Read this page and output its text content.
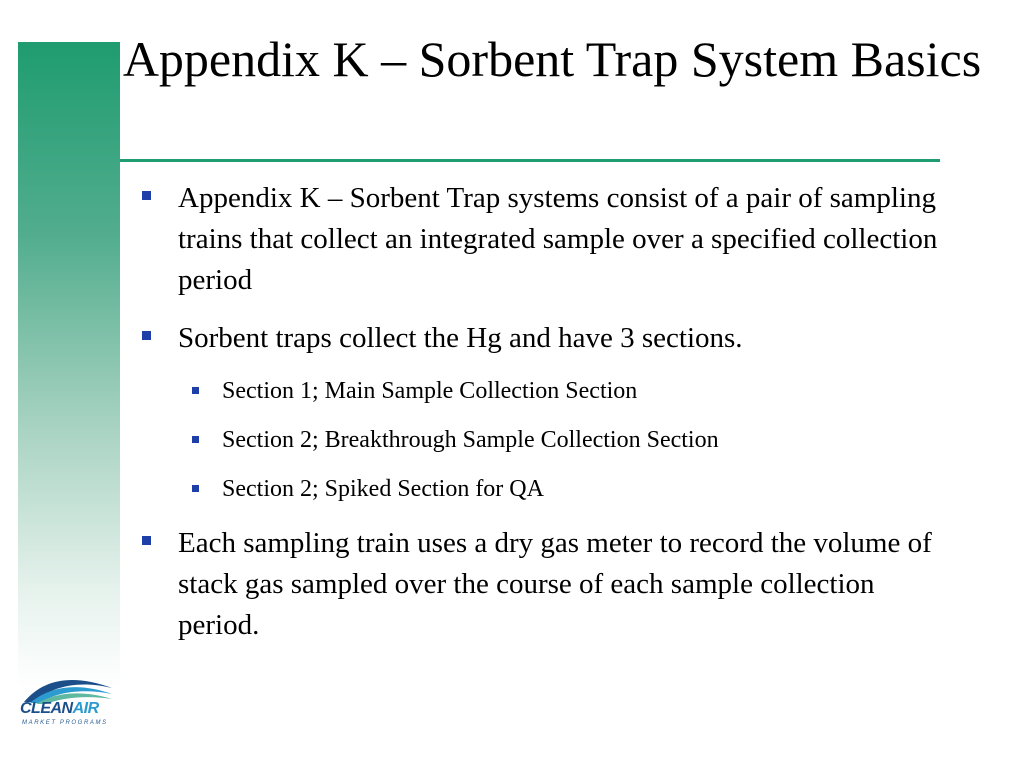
Appendix K – Sorbent Trap System Basics
Appendix K – Sorbent Trap systems consist of a pair of sampling trains that collect an integrated sample over a specified collection period
Sorbent traps collect the Hg and have 3 sections.
Section 1; Main Sample Collection Section
Section 2; Breakthrough Sample Collection Section
Section 2; Spiked Section for QA
Each sampling train uses a dry gas meter to record the volume of stack gas sampled over the course of each sample collection period.
CLEANAIR
MARKET PROGRAMS
